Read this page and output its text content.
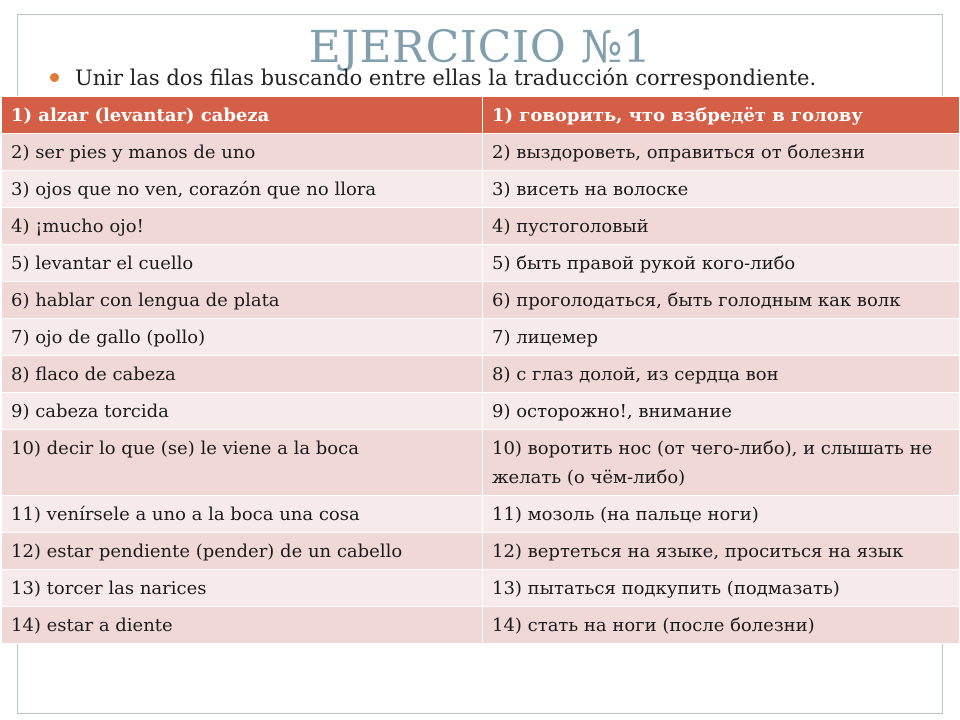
EJERCICIO №1
Unir las dos filas buscando entre ellas la traducción correspondiente.
1) alzar (levantar) cabeza	1) говорить, что взбредёт в голову
2) ser pies y manos de uno	2) выздороветь, оправиться от болезни
3) ojos que no ven, corazón que no llora	3) висеть на волоске
4) ¡mucho ojo!	4) пустоголовый
5) levantar el cuello	5) быть правой рукой кого-либо
6) hablar con lengua de plata	6) проголодаться, быть голодным как волк
7) ojo de gallo (pollo)	7) лицемер
8) flaco de cabeza	8) с глаз долой, из сердца вон
9) cabeza torcida	9) осторожно!, внимание
10) decir lo que (se) le viene a la boca	10) воротить нос (от чего-либо), и слышать не желать (о чём-либо)
11) venírsele a uno a la boca una cosa	11) мозоль (на пальце ноги)
12) estar pendiente (pender) de un cabello	12) вертеться на языке, проситься на язык
13) torcer las narices	13) пытаться подкупить (подмазать)
14) estar a diente	14) стать на ноги (после болезни)
